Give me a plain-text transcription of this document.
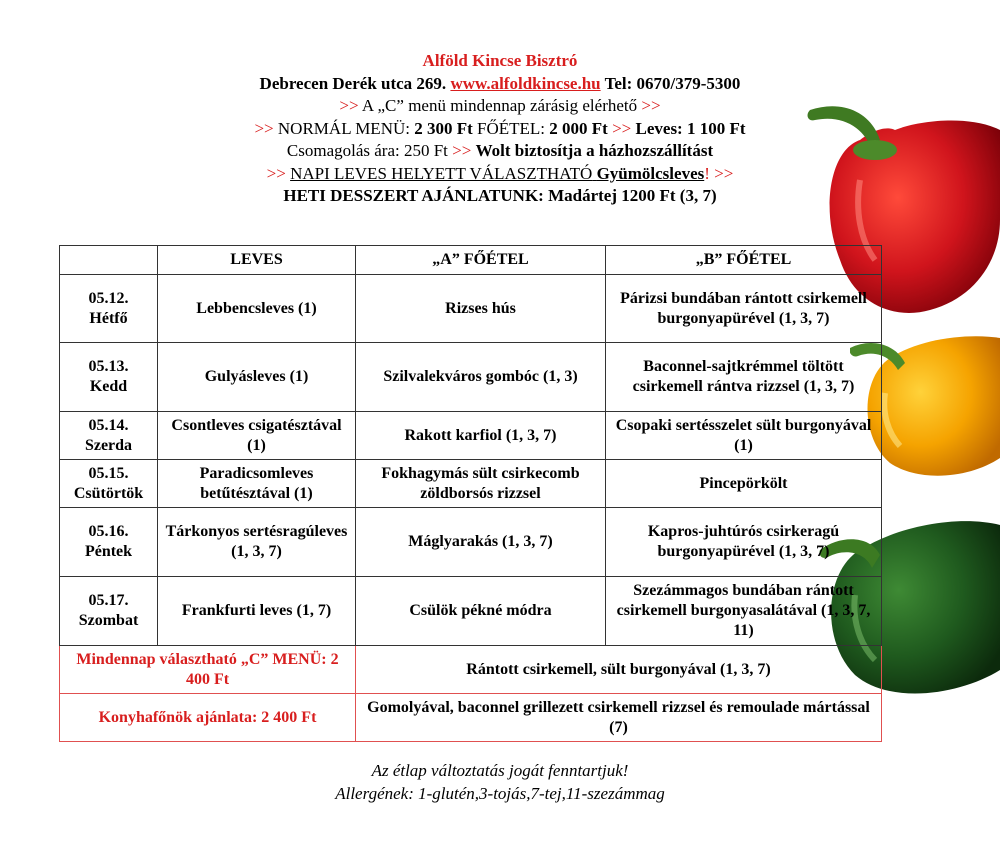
Alföld Kincse Bisztró
Debrecen Derék utca 269. www.alfoldkincse.hu Tel: 0670/379-5300
>> A „C” menü mindennap zárásig elérhető >>
>> NORMÁL MENÜ: 2 300 Ft FŐÉTEL: 2 000 Ft >> Leves: 1 100 Ft
Csomagolás ára: 250 Ft >> Wolt biztosítja a házhozszállítást
>> NAPI LEVES HELYETT VÁLASZTHATÓ Gyümölcsleves! >>
HETI DESSZERT AJÁNLATUNK: Madártej 1200 Ft (3, 7)
	LEVES	„A” FŐÉTEL	„B” FŐÉTEL

05.12.
Hétfő	Lebbencsleves (1)	Rizses hús	Párizsi bundában rántott csirkemell burgonyapürével (1, 3, 7)

05.13.
Kedd	Gulyásleves (1)	Szilvalekváros gombóc (1, 3)	Baconnel-sajtkrémmel töltött csirkemell rántva rizzsel (1, 3, 7)

05.14.
Szerda	Csontleves csigatésztával (1)	Rakott karfiol (1, 3, 7)	Csopaki sertésszelet sült burgonyával (1)

05.15.
Csütörtök	Paradicsomleves betűtésztával (1)	Fokhagymás sült csirkecomb zöldborsós rizzsel	Pincepörkölt

05.16.
Péntek	Tárkonyos sertésragúleves (1, 3, 7)	Máglyarakás (1, 3, 7)	Kapros-juhtúrós csirkeragú burgonyapürével (1, 3, 7)

05.17.
Szombat	Frankfurti leves (1, 7)	Csülök pékné módra	Szezámmagos bundában rántott csirkemell burgonyasalátával (1, 3, 7, 11)
Mindennap választható „C” MENÜ: 2 400 Ft		Rántott csirkemell, sült burgonyával (1, 3, 7)	
Konyhafőnök ajánlata: 2 400 Ft		Gomolyával, baconnel grillezett csirkemell rizzsel és remoulade mártással (7)	
Az étlap változtatás jogát fenntartjuk!
Allergének: 1-glutén,3-tojás,7-tej,11-szezámmag
